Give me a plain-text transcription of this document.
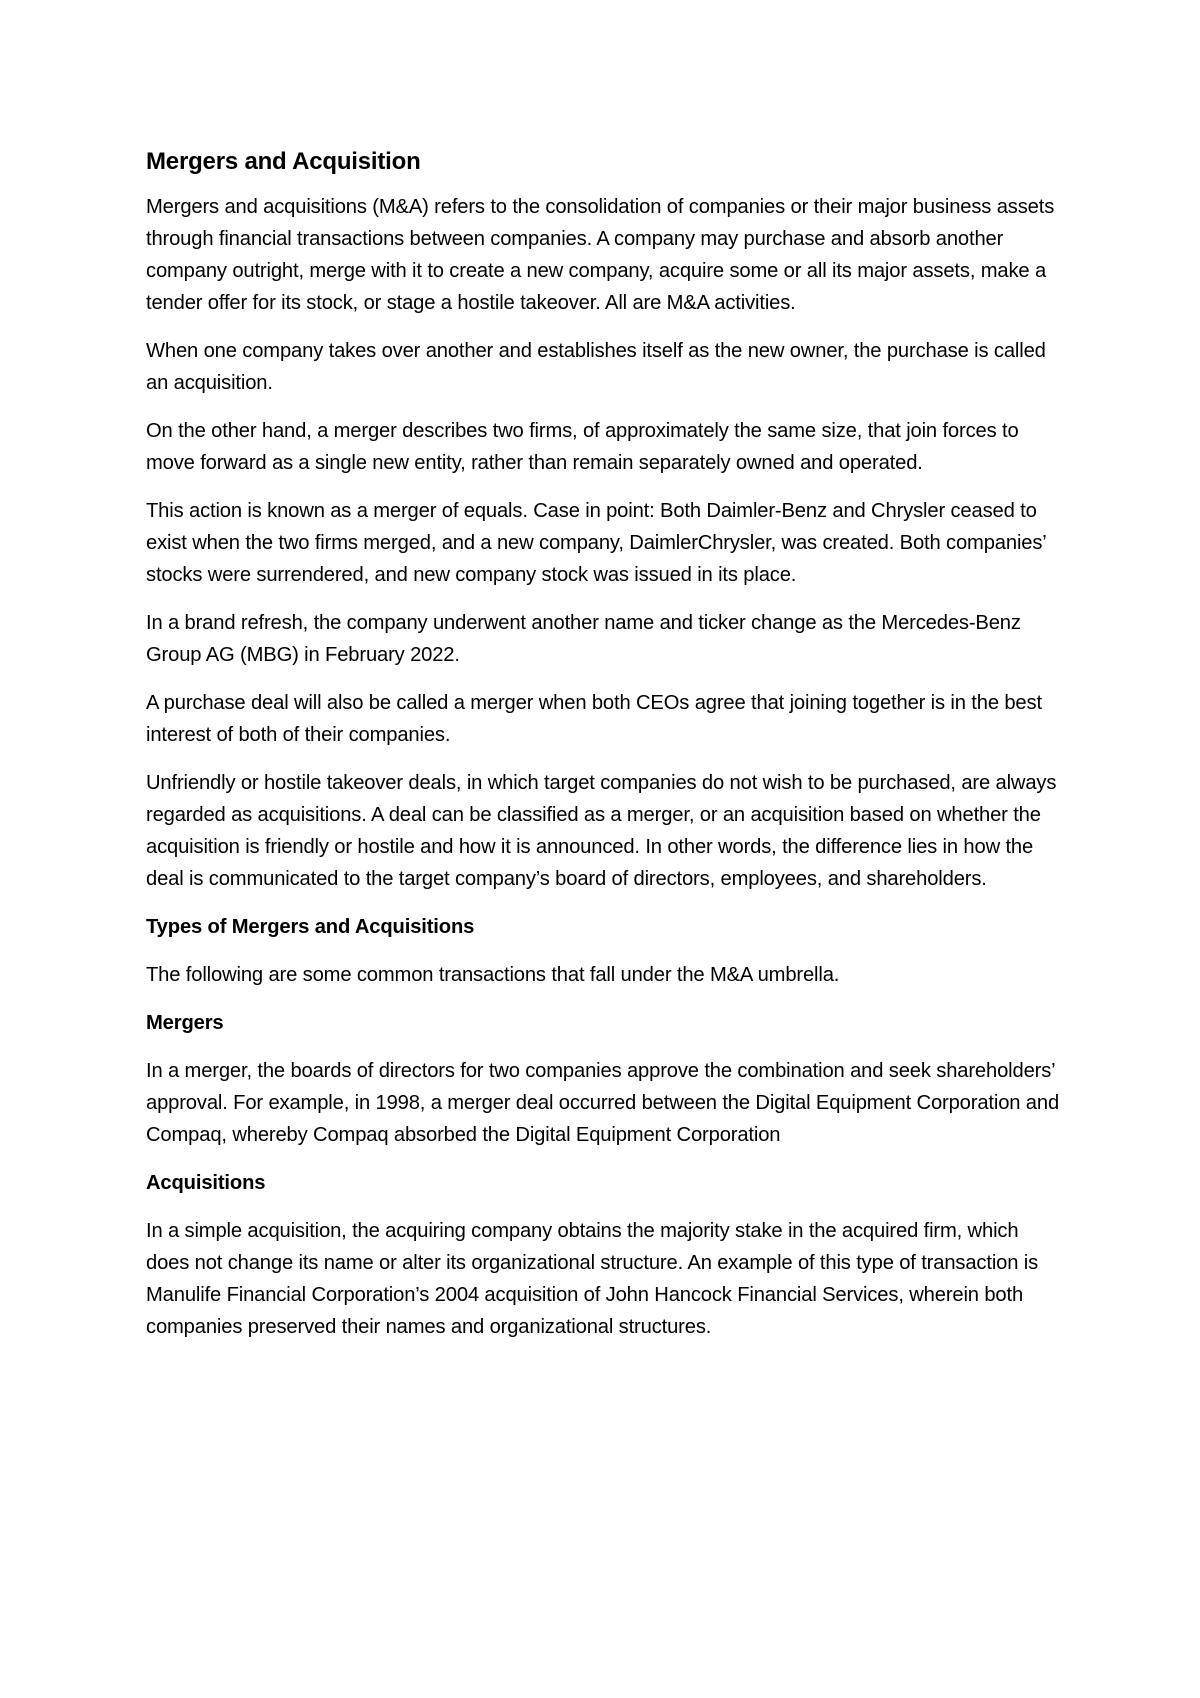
Mergers and Acquisition

Mergers and acquisitions (M&A) refers to the consolidation of companies or their major business assets through financial transactions between companies. A company may purchase and absorb another company outright, merge with it to create a new company, acquire some or all its major assets, make a tender offer for its stock, or stage a hostile takeover. All are M&A activities.

When one company takes over another and establishes itself as the new owner, the purchase is called an acquisition.

On the other hand, a merger describes two firms, of approximately the same size, that join forces to move forward as a single new entity, rather than remain separately owned and operated.

This action is known as a merger of equals. Case in point: Both Daimler-Benz and Chrysler ceased to exist when the two firms merged, and a new company, DaimlerChrysler, was created. Both companies’ stocks were surrendered, and new company stock was issued in its place.

In a brand refresh, the company underwent another name and ticker change as the Mercedes-Benz Group AG (MBG) in February 2022.

A purchase deal will also be called a merger when both CEOs agree that joining together is in the best interest of both of their companies.

Unfriendly or hostile takeover deals, in which target companies do not wish to be purchased, are always regarded as acquisitions. A deal can be classified as a merger, or an acquisition based on whether the acquisition is friendly or hostile and how it is announced. In other words, the difference lies in how the deal is communicated to the target company’s board of directors, employees, and shareholders.

Types of Mergers and Acquisitions

The following are some common transactions that fall under the M&A umbrella.

Mergers

In a merger, the boards of directors for two companies approve the combination and seek shareholders’ approval. For example, in 1998, a merger deal occurred between the Digital Equipment Corporation and Compaq, whereby Compaq absorbed the Digital Equipment Corporation

Acquisitions

In a simple acquisition, the acquiring company obtains the majority stake in the acquired firm, which does not change its name or alter its organizational structure. An example of this type of transaction is Manulife Financial Corporation’s 2004 acquisition of John Hancock Financial Services, wherein both companies preserved their names and organizational structures.
